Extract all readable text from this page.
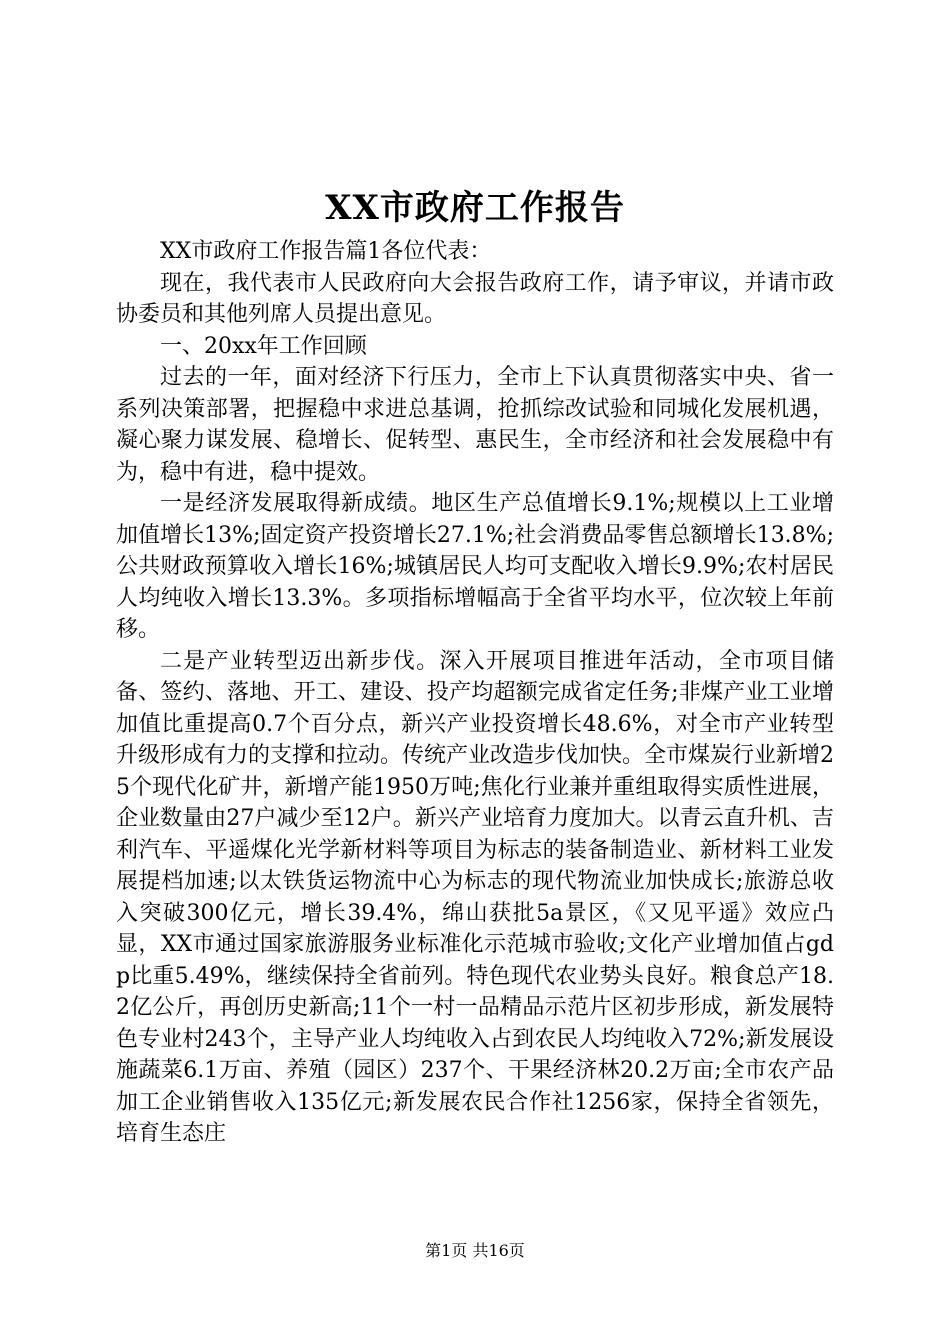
XX市政府工作报告

XX市政府工作报告篇1各位代表：

现在，我代表市人民政府向大会报告政府工作，请予审议，并请市政协委员和其他列席人员提出意见。

一、20xx年工作回顾

过去的一年，面对经济下行压力，全市上下认真贯彻落实中央、省一系列决策部署，把握稳中求进总基调，抢抓综改试验和同城化发展机遇，凝心聚力谋发展、稳增长、促转型、惠民生，全市经济和社会发展稳中有为，稳中有进，稳中提效。

一是经济发展取得新成绩。地区生产总值增长9.1%;规模以上工业增加值增长13%;固定资产投资增长27.1%;社会消费品零售总额增长13.8%;公共财政预算收入增长16%;城镇居民人均可支配收入增长9.9%;农村居民人均纯收入增长13.3%。多项指标增幅高于全省平均水平，位次较上年前移。

二是产业转型迈出新步伐。深入开展项目推进年活动，全市项目储备、签约、落地、开工、建设、投产均超额完成省定任务;非煤产业工业增加值比重提高0.7个百分点，新兴产业投资增长48.6%，对全市产业转型升级形成有力的支撑和拉动。传统产业改造步伐加快。全市煤炭行业新增25个现代化矿井，新增产能1950万吨;焦化行业兼并重组取得实质性进展，企业数量由27户减少至12户。新兴产业培育力度加大。以青云直升机、吉利汽车、平遥煤化光学新材料等项目为标志的装备制造业、新材料工业发展提档加速;以太铁货运物流中心为标志的现代物流业加快成长;旅游总收入突破300亿元，增长39.4%，绵山获批5a景区，《又见平遥》效应凸显，XX市通过国家旅游服务业标准化示范城市验收;文化产业增加值占gdp比重5.49%，继续保持全省前列。特色现代农业势头良好。粮食总产18.2亿公斤，再创历史新高;11个一村一品精品示范片区初步形成，新发展特色专业村243个，主导产业人均纯收入占到农民人均纯收入72%;新发展设施蔬菜6.1万亩、养殖（园区）237个、干果经济林20.2万亩;全市农产品加工企业销售收入135亿元;新发展农民合作社1256家，保持全省领先，培育生态庄

第1页 共16页
